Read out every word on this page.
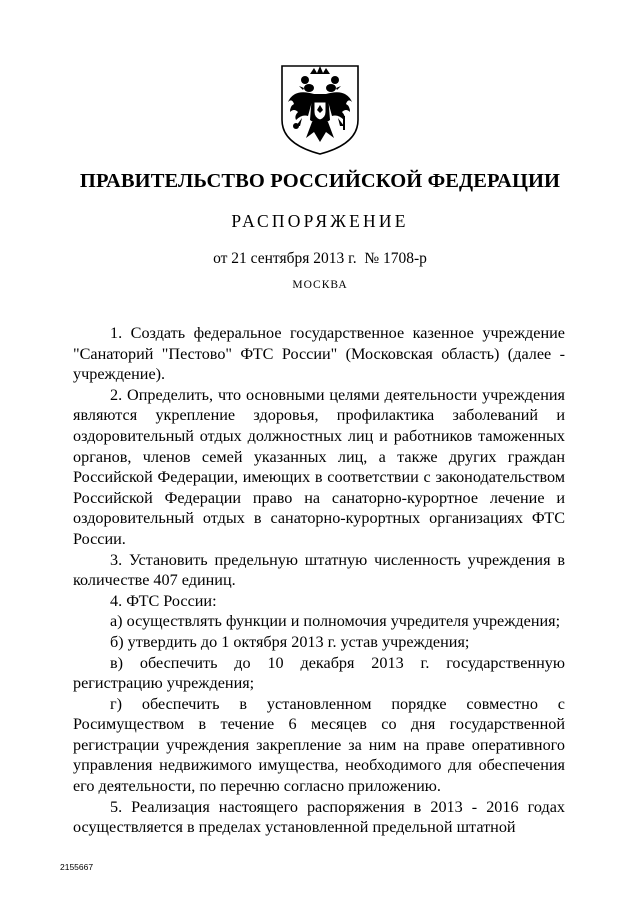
ПРАВИТЕЛЬСТВО РОССИЙСКОЙ ФЕДЕРАЦИИ
РАСПОРЯЖЕНИЕ
от 21 сентября 2013 г.  № 1708-р
МОСКВА

1. Создать федеральное государственное казенное учреждение "Санаторий "Пестово" ФТС России" (Московская область) (далее - учреждение).

2. Определить, что основными целями деятельности учреждения являются укрепление здоровья, профилактика заболеваний и оздоровительный отдых должностных лиц и работников таможенных органов, членов семей указанных лиц, а также других граждан Российской Федерации, имеющих в соответствии с законодательством Российской Федерации право на санаторно-курортное лечение и оздоровительный отдых в санаторно-курортных организациях ФТС России.

3. Установить предельную штатную численность учреждения в количестве 407 единиц.

4. ФТС России:

а) осуществлять функции и полномочия учредителя учреждения;

б) утвердить до 1 октября 2013 г. устав учреждения;

в) обеспечить до 10 декабря 2013 г. государственную регистрацию учреждения;

г) обеспечить в установленном порядке совместно с Росимуществом в течение 6 месяцев со дня государственной регистрации учреждения закрепление за ним на праве оперативного управления недвижимого имущества, необходимого для обеспечения его деятельности, по перечню согласно приложению.

5. Реализация настоящего распоряжения в 2013 - 2016 годах осуществляется в пределах установленной предельной штатной

2155667
